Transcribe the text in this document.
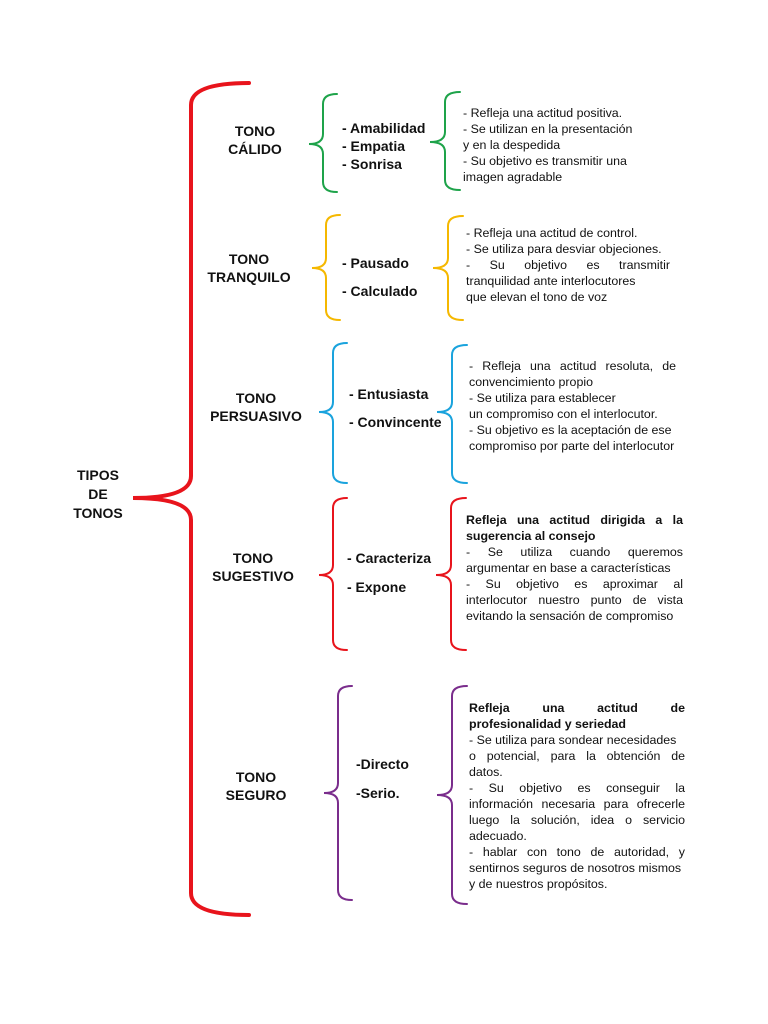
TIPOS
DE
TONOS
TONO
CÁLIDO
- Amabilidad
- Empatia
- Sonrisa
- Refleja una actitud positiva.
- Se utilizan en la presentación
y en la despedida
- Su objetivo es transmitir una
imagen agradable
TONO
TRANQUILO
- Pausado
- Calculado
- Refleja una actitud de control.
- Se utiliza para desviar objeciones.
- Su objetivo es transmitir
tranquilidad ante interlocutores
que elevan el tono de voz
TONO
PERSUASIVO
- Entusiasta
- Convincente
- Refleja una actitud resoluta, de
convencimiento propio
- Se utiliza para establecer
un compromiso con el interlocutor.
- Su objetivo es la aceptación de ese
compromiso por parte del interlocutor
TONO
SUGESTIVO
- Caracteriza
- Expone
Refleja una actitud dirigida a la
sugerencia al consejo
- Se utiliza cuando queremos
argumentar en base a características
- Su objetivo es aproximar al
interlocutor nuestro punto de vista
evitando la sensación de compromiso
TONO
SEGURO
-Directo
-Serio.
Refleja una actitud de
profesionalidad y seriedad
- Se utiliza para sondear necesidades
o potencial, para la obtención de datos.
- Su objetivo es conseguir la
información necesaria para ofrecerle
luego la solución, idea o servicio
adecuado.
- hablar con tono de autoridad, y
sentirnos seguros de nosotros mismos
y de nuestros propósitos.
